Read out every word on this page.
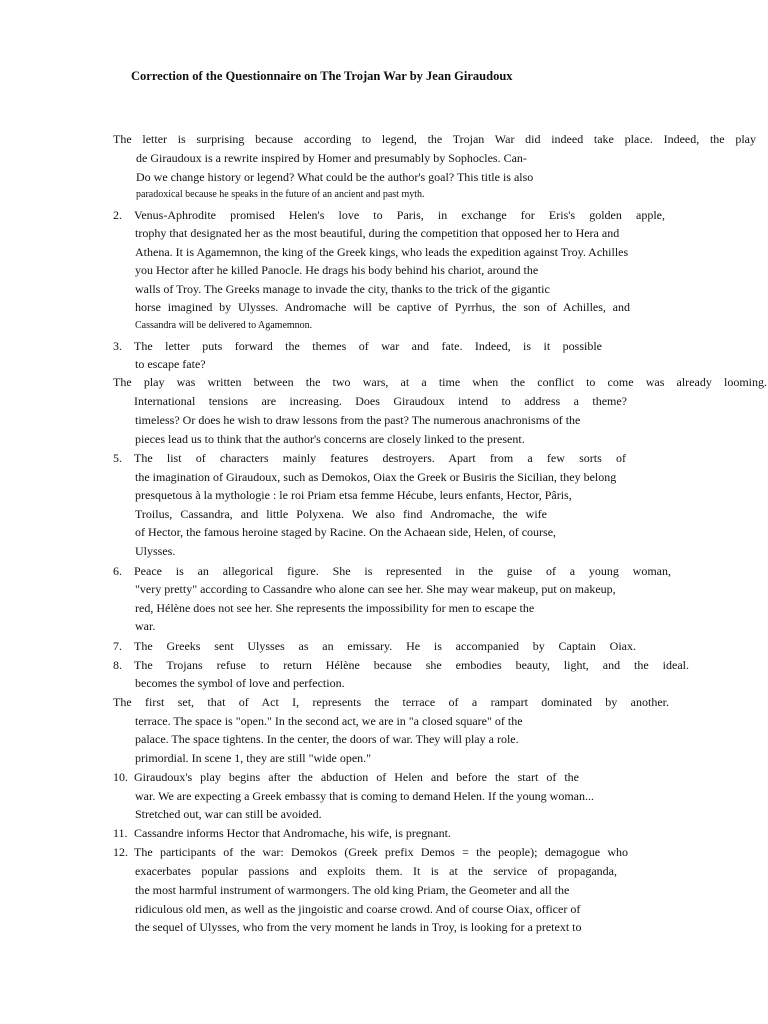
Correction of the Questionnaire on The Trojan War by Jean Giraudoux
The letter is surprising because according to legend, the Trojan War did indeed take place. Indeed, the play
de Giraudoux is a rewrite inspired by Homer and presumably by Sophocles. Can-
Do we change history or legend? What could be the author's goal? This title is also
paradoxical because he speaks in the future of an ancient and past myth.
2. Venus-Aphrodite promised Helen's love to Paris, in exchange for Eris's golden apple,
trophy that designated her as the most beautiful, during the competition that opposed her to Hera and
Athena. It is Agamemnon, the king of the Greek kings, who leads the expedition against Troy. Achilles
you Hector after he killed Panocle. He drags his body behind his chariot, around the
walls of Troy. The Greeks manage to invade the city, thanks to the trick of the gigantic
horse imagined by Ulysses. Andromache will be captive of Pyrrhus, the son of Achilles, and
Cassandra will be delivered to Agamemnon.
3. The letter puts forward the themes of war and fate. Indeed, is it possible
to escape fate?
The play was written between the two wars, at a time when the conflict to come was already looming.
International tensions are increasing. Does Giraudoux intend to address a theme?
timeless? Or does he wish to draw lessons from the past? The numerous anachronisms of the
pieces lead us to think that the author's concerns are closely linked to the present.
5. The list of characters mainly features destroyers. Apart from a few sorts of
the imagination of Giraudoux, such as Demokos, Oiax the Greek or Busiris the Sicilian, they belong
presquetous à la mythologie : le roi Priam etsa femme Hécube, leurs enfants, Hector, Pâris,
Troilus, Cassandra, and little Polyxena. We also find Andromache, the wife
of Hector, the famous heroine staged by Racine. On the Achaean side, Helen, of course,
Ulysses.
6. Peace is an allegorical figure. She is represented in the guise of a young woman,
"very pretty" according to Cassandre who alone can see her. She may wear makeup, put on makeup,
red, Hélène does not see her. She represents the impossibility for men to escape the
war.
7. The Greeks sent Ulysses as an emissary. He is accompanied by Captain Oiax.
8. The Trojans refuse to return Hélène because she embodies beauty, light, and the ideal.
becomes the symbol of love and perfection.
The first set, that of Act I, represents the terrace of a rampart dominated by another.
terrace. The space is "open." In the second act, we are in "a closed square" of the
palace. The space tightens. In the center, the doors of war. They will play a role.
primordial. In scene 1, they are still "wide open."
10. Giraudoux's play begins after the abduction of Helen and before the start of the
war. We are expecting a Greek embassy that is coming to demand Helen. If the young woman...
Stretched out, war can still be avoided.
11. Cassandre informs Hector that Andromache, his wife, is pregnant.
12. The participants of the war: Demokos (Greek prefix Demos = the people); demagogue who
exacerbates popular passions and exploits them. It is at the service of propaganda,
the most harmful instrument of warmongers. The old king Priam, the Geometer and all the
ridiculous old men, as well as the jingoistic and coarse crowd. And of course Oiax, officer of
the sequel of Ulysses, who from the very moment he lands in Troy, is looking for a pretext to
